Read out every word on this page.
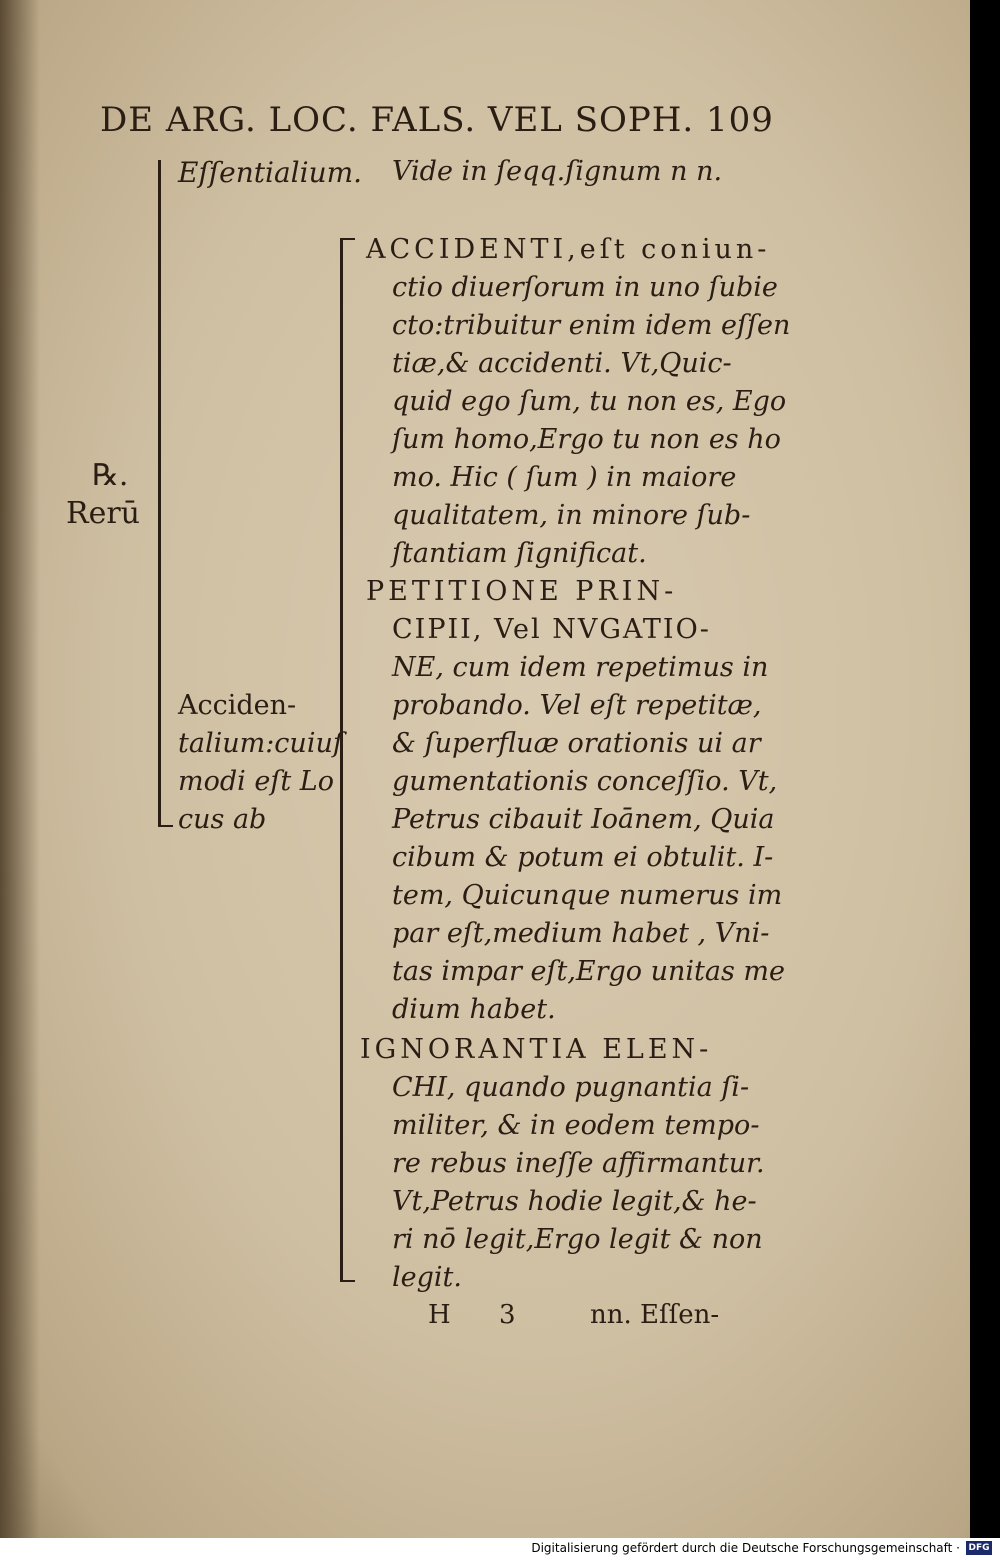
DE ARG. LOC. FALS. VEL SOPH. 109
Eſſentialium. Vide in ſeqq.ſignum n n.
℞.
Rerū
Acciden‐
talium:cuiuſ
modi eſt Lo
cus ab
ACCIDENTI,eſt coniun‐
ctio diuerſorum in uno ſubie
cto:tribuitur enim idem eſſen
tiæ,& accidenti. Vt,Quic‐
quid ego ſum, tu non es, Ego
ſum homo,Ergo tu non es ho
mo. Hic ( ſum ) in maiore
qualitatem, in minore ſub‐
ſtantiam ſignificat.
PETITIONE PRIN‐
CIPII, Vel NVGATIO‐
NE, cum idem repetimus in
probando. Vel eſt repetitæ,
& ſuperfluæ orationis ui ar
gumentationis conceſſio. Vt,
Petrus cibauit Ioānem, Quia
cibum & potum ei obtulit. I‐
tem, Quicunque numerus im
par eſt,medium habet , Vni‐
tas impar eſt,Ergo unitas me
dium habet.
IGNORANTIA ELEN‐
CHI, quando pugnantia ſi‐
militer, & in eodem tempo‐
re rebus ineſſe affirmantur.
Vt,Petrus hodie legit,& he‐
ri nō legit,Ergo legit & non
legit.
H 3	nn. Eſſen‐
Digitalisierung gefördert durch die Deutsche Forschungsgemeinschaft · DFG
